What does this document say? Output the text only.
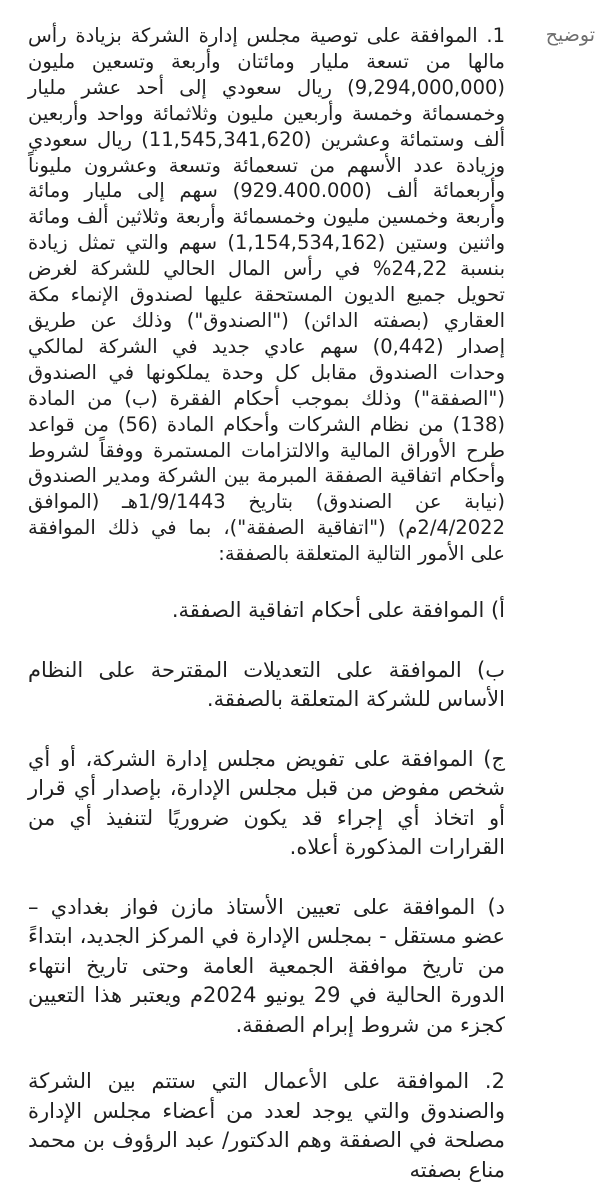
توضيح

1. الموافقة على توصية مجلس إدارة الشركة بزيادة رأس مالها من تسعة مليار ومائتان وأربعة وتسعين مليون (9,294,000,000) ريال سعودي إلى أحد عشر مليار وخمسمائة وخمسة وأربعين مليون وثلاثمائة وواحد وأربعين ألف وستمائة وعشرين (11,545,341,620) ريال سعودي وزيادة عدد الأسهم من تسعمائة وتسعة وعشرون مليوناً وأربعمائة ألف (929.400.000) سهم إلى مليار ومائة وأربعة وخمسين مليون وخمسمائة وأربعة وثلاثين ألف ومائة واثنين وستين (1,154,534,162) سهم والتي تمثل زيادة بنسبة 24,22% في رأس المال الحالي للشركة لغرض تحويل جميع الديون المستحقة عليها لصندوق الإنماء مكة العقاري (بصفته الدائن) ("الصندوق") وذلك عن طريق إصدار (0,442) سهم عادي جديد في الشركة لمالكي وحدات الصندوق مقابل كل وحدة يملكونها في الصندوق ("الصفقة") وذلك بموجب أحكام الفقرة (ب) من المادة (138) من نظام الشركات وأحكام المادة (56) من قواعد طرح الأوراق المالية والالتزامات المستمرة ووفقاً لشروط وأحكام اتفاقية الصفقة المبرمة بين الشركة ومدير الصندوق (نيابة عن الصندوق) بتاريخ 1/9/1443هـ (الموافق 2/4/2022م) ("اتفاقية الصفقة")، بما في ذلك الموافقة على الأمور التالية المتعلقة بالصفقة:

أ) الموافقة على أحكام اتفاقية الصفقة.

ب) الموافقة على التعديلات المقترحة على النظام الأساس للشركة المتعلقة بالصفقة.

ج) الموافقة على تفويض مجلس إدارة الشركة، أو أي شخص مفوض من قبل مجلس الإدارة، بإصدار أي قرار أو اتخاذ أي إجراء قد يكون ضروريًا لتنفيذ أي من القرارات المذكورة أعلاه.

د) الموافقة على تعيين الأستاذ مازن فواز بغدادي – عضو مستقل - بمجلس الإدارة في المركز الجديد، ابتداءً من تاريخ موافقة الجمعية العامة وحتى تاريخ انتهاء الدورة الحالية في 29 يونيو 2024م ويعتبر هذا التعيين كجزء من شروط إبرام الصفقة.

2. الموافقة على الأعمال التي ستتم بين الشركة والصندوق والتي يوجد لعدد من أعضاء مجلس الإدارة مصلحة في الصفقة وهم الدكتور/ عبد الرؤوف بن محمد مناع بصفته
